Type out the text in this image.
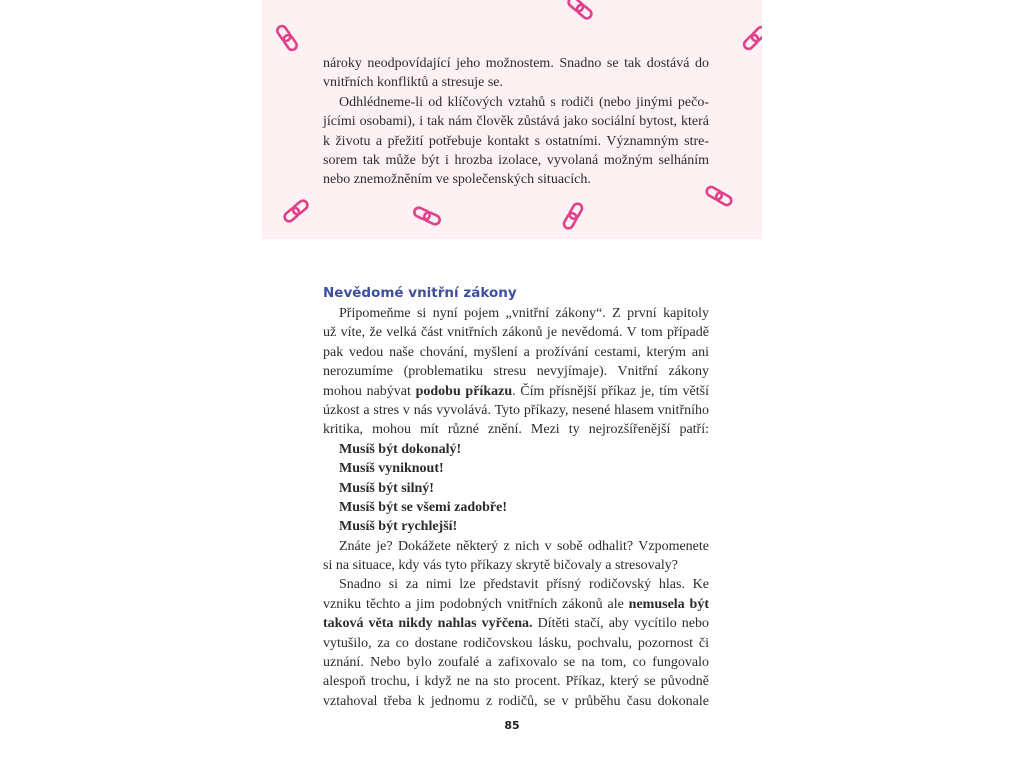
nároky neodpovídající jeho možnostem. Snadno se tak dostává do
vnitřních konfliktů a stresuje se.
Odhlédneme-li od klíčových vztahů s rodiči (nebo jinými pečo-
jícími osobami), i tak nám člověk zůstává jako sociální bytost, která
k životu a přežití potřebuje kontakt s ostatními. Významným stre-
sorem tak může být i hrozba izolace, vyvolaná možným selháním
nebo znemožněním ve společenských situacích.
Nevědomé vnitřní zákony
Připomeňme si nyní pojem „vnitřní zákony“. Z první kapitoly
už víte, že velká část vnitřních zákonů je nevědomá. V tom případě
pak vedou naše chování, myšlení a prožívání cestami, kterým ani
nerozumíme (problematiku stresu nevyjímaje). Vnitřní zákony
mohou nabývat podobu příkazu. Čím přísnější příkaz je, tím větší
úzkost a stres v nás vyvolává. Tyto příkazy, nesené hlasem vnitřního
kritika, mohou mít různé znění. Mezi ty nejrozšířenější patří:
Musíš být dokonalý!
Musíš vyniknout!
Musíš být silný!
Musíš být se všemi zadobře!
Musíš být rychlejší!
Znáte je? Dokážete některý z nich v sobě odhalit? Vzpomenete
si na situace, kdy vás tyto příkazy skrytě bičovaly a stresovaly?
Snadno si za nimi lze představit přísný rodičovský hlas. Ke
vzniku těchto a jim podobných vnitřních zákonů ale nemusela být
taková věta nikdy nahlas vyřčena. Dítěti stačí, aby vycítilo nebo
vytušilo, za co dostane rodičovskou lásku, pochvalu, pozornost či
uznání. Nebo bylo zoufalé a zafixovalo se na tom, co fungovalo
alespoň trochu, i když ne na sto procent. Příkaz, který se původně
vztahoval třeba k jednomu z rodičů, se v průběhu času dokonale
85
